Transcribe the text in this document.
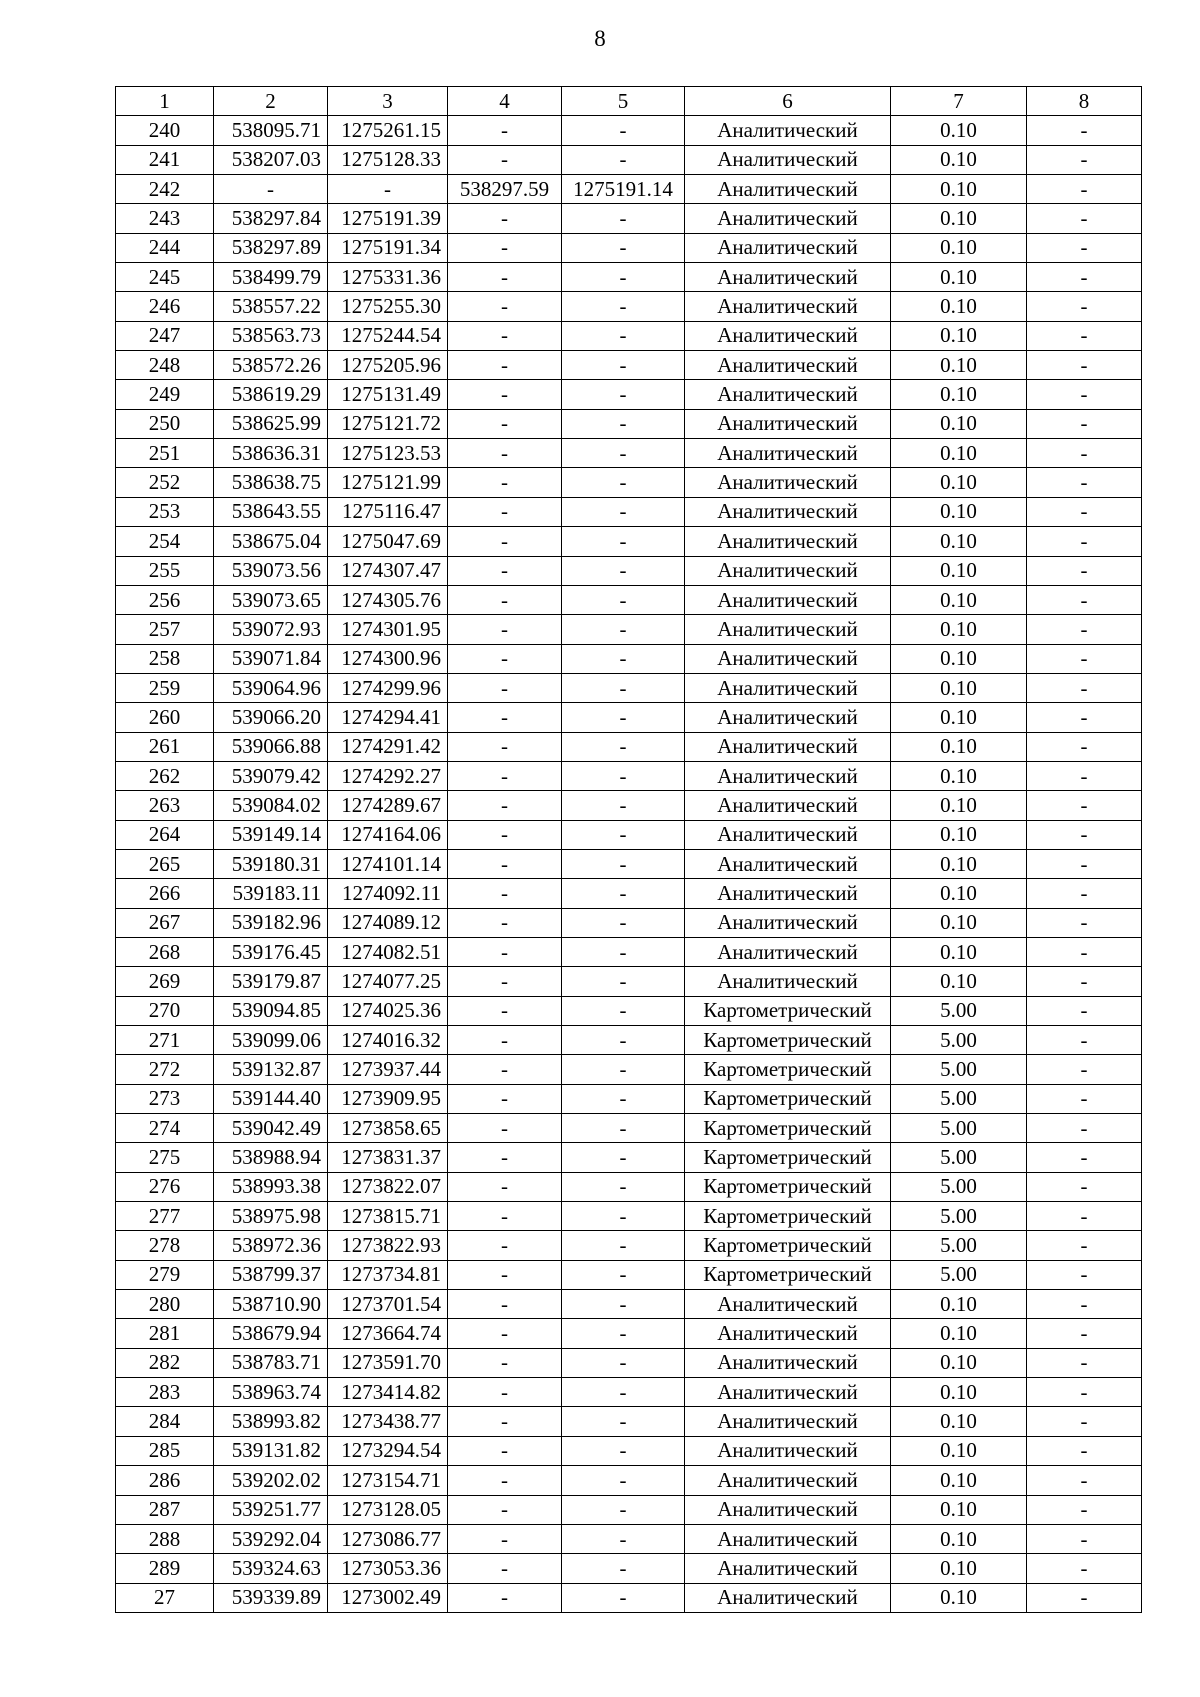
8
1	2	3	4	5	6	7	8
240	538095.71	1275261.15	-	-	Аналитический	0.10	-
241	538207.03	1275128.33	-	-	Аналитический	0.10	-
242	-	-	538297.59	1275191.14	Аналитический	0.10	-
243	538297.84	1275191.39	-	-	Аналитический	0.10	-
244	538297.89	1275191.34	-	-	Аналитический	0.10	-
245	538499.79	1275331.36	-	-	Аналитический	0.10	-
246	538557.22	1275255.30	-	-	Аналитический	0.10	-
247	538563.73	1275244.54	-	-	Аналитический	0.10	-
248	538572.26	1275205.96	-	-	Аналитический	0.10	-
249	538619.29	1275131.49	-	-	Аналитический	0.10	-
250	538625.99	1275121.72	-	-	Аналитический	0.10	-
251	538636.31	1275123.53	-	-	Аналитический	0.10	-
252	538638.75	1275121.99	-	-	Аналитический	0.10	-
253	538643.55	1275116.47	-	-	Аналитический	0.10	-
254	538675.04	1275047.69	-	-	Аналитический	0.10	-
255	539073.56	1274307.47	-	-	Аналитический	0.10	-
256	539073.65	1274305.76	-	-	Аналитический	0.10	-
257	539072.93	1274301.95	-	-	Аналитический	0.10	-
258	539071.84	1274300.96	-	-	Аналитический	0.10	-
259	539064.96	1274299.96	-	-	Аналитический	0.10	-
260	539066.20	1274294.41	-	-	Аналитический	0.10	-
261	539066.88	1274291.42	-	-	Аналитический	0.10	-
262	539079.42	1274292.27	-	-	Аналитический	0.10	-
263	539084.02	1274289.67	-	-	Аналитический	0.10	-
264	539149.14	1274164.06	-	-	Аналитический	0.10	-
265	539180.31	1274101.14	-	-	Аналитический	0.10	-
266	539183.11	1274092.11	-	-	Аналитический	0.10	-
267	539182.96	1274089.12	-	-	Аналитический	0.10	-
268	539176.45	1274082.51	-	-	Аналитический	0.10	-
269	539179.87	1274077.25	-	-	Аналитический	0.10	-
270	539094.85	1274025.36	-	-	Картометрический	5.00	-
271	539099.06	1274016.32	-	-	Картометрический	5.00	-
272	539132.87	1273937.44	-	-	Картометрический	5.00	-
273	539144.40	1273909.95	-	-	Картометрический	5.00	-
274	539042.49	1273858.65	-	-	Картометрический	5.00	-
275	538988.94	1273831.37	-	-	Картометрический	5.00	-
276	538993.38	1273822.07	-	-	Картометрический	5.00	-
277	538975.98	1273815.71	-	-	Картометрический	5.00	-
278	538972.36	1273822.93	-	-	Картометрический	5.00	-
279	538799.37	1273734.81	-	-	Картометрический	5.00	-
280	538710.90	1273701.54	-	-	Аналитический	0.10	-
281	538679.94	1273664.74	-	-	Аналитический	0.10	-
282	538783.71	1273591.70	-	-	Аналитический	0.10	-
283	538963.74	1273414.82	-	-	Аналитический	0.10	-
284	538993.82	1273438.77	-	-	Аналитический	0.10	-
285	539131.82	1273294.54	-	-	Аналитический	0.10	-
286	539202.02	1273154.71	-	-	Аналитический	0.10	-
287	539251.77	1273128.05	-	-	Аналитический	0.10	-
288	539292.04	1273086.77	-	-	Аналитический	0.10	-
289	539324.63	1273053.36	-	-	Аналитический	0.10	-
27	539339.89	1273002.49	-	-	Аналитический	0.10	-
